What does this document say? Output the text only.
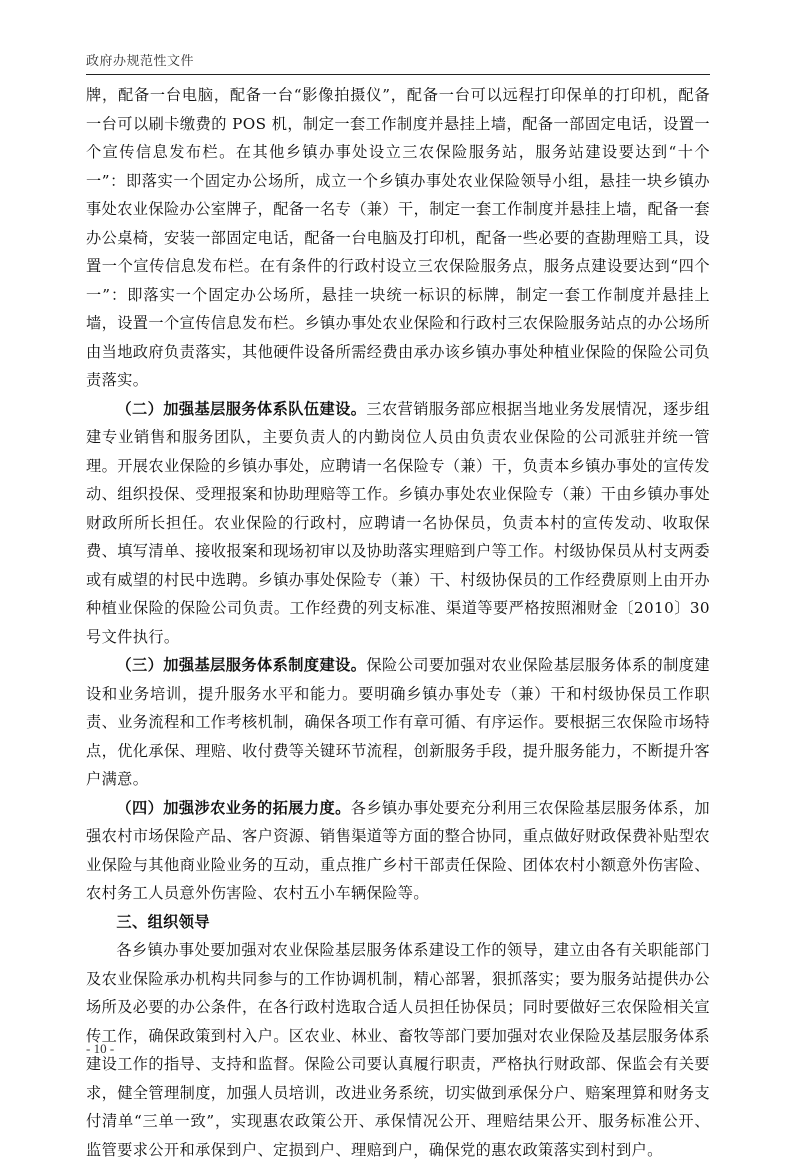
政府办规范性文件

牌，配备一台电脑，配备一台“影像拍摄仪”，配备一台可以远程打印保单的打印机，配备一台可以刷卡缴费的 POS 机，制定一套工作制度并悬挂上墙，配备一部固定电话，设置一个宣传信息发布栏。在其他乡镇办事处设立三农保险服务站，服务站建设要达到“十个一”：即落实一个固定办公场所，成立一个乡镇办事处农业保险领导小组，悬挂一块乡镇办事处农业保险办公室牌子，配备一名专（兼）干，制定一套工作制度并悬挂上墙，配备一套办公桌椅，安装一部固定电话，配备一台电脑及打印机，配备一些必要的查勘理赔工具，设置一个宣传信息发布栏。在有条件的行政村设立三农保险服务点，服务点建设要达到“四个一”：即落实一个固定办公场所，悬挂一块统一标识的标牌，制定一套工作制度并悬挂上墙，设置一个宣传信息发布栏。乡镇办事处农业保险和行政村三农保险服务站点的办公场所由当地政府负责落实，其他硬件设备所需经费由承办该乡镇办事处种植业保险的保险公司负责落实。

（二）加强基层服务体系队伍建设。三农营销服务部应根据当地业务发展情况，逐步组建专业销售和服务团队，主要负责人的内勤岗位人员由负责农业保险的公司派驻并统一管理。开展农业保险的乡镇办事处，应聘请一名保险专（兼）干，负责本乡镇办事处的宣传发动、组织投保、受理报案和协助理赔等工作。乡镇办事处农业保险专（兼）干由乡镇办事处财政所所长担任。农业保险的行政村，应聘请一名协保员，负责本村的宣传发动、收取保费、填写清单、接收报案和现场初审以及协助落实理赔到户等工作。村级协保员从村支两委或有威望的村民中选聘。乡镇办事处保险专（兼）干、村级协保员的工作经费原则上由开办种植业保险的保险公司负责。工作经费的列支标准、渠道等要严格按照湘财金〔2010〕30 号文件执行。

（三）加强基层服务体系制度建设。保险公司要加强对农业保险基层服务体系的制度建设和业务培训，提升服务水平和能力。要明确乡镇办事处专（兼）干和村级协保员工作职责、业务流程和工作考核机制，确保各项工作有章可循、有序运作。要根据三农保险市场特点，优化承保、理赔、收付费等关键环节流程，创新服务手段，提升服务能力，不断提升客户满意。

（四）加强涉农业务的拓展力度。各乡镇办事处要充分利用三农保险基层服务体系，加强农村市场保险产品、客户资源、销售渠道等方面的整合协同，重点做好财政保费补贴型农业保险与其他商业险业务的互动，重点推广乡村干部责任保险、团体农村小额意外伤害险、农村务工人员意外伤害险、农村五小车辆保险等。

三、组织领导

各乡镇办事处要加强对农业保险基层服务体系建设工作的领导，建立由各有关职能部门及农业保险承办机构共同参与的工作协调机制，精心部署，狠抓落实；要为服务站提供办公场所及必要的办公条件，在各行政村选取合适人员担任协保员；同时要做好三农保险相关宣传工作，确保政策到村入户。区农业、林业、畜牧等部门要加强对农业保险及基层服务体系建设工作的指导、支持和监督。保险公司要认真履行职责，严格执行财政部、保监会有关要求，健全管理制度，加强人员培训，改进业务系统，切实做到承保分户、赔案理算和财务支付清单“三单一致”，实现惠农政策公开、承保情况公开、理赔结果公开、服务标准公开、监管要求公开和承保到户、定损到户、理赔到户，确保党的惠农政策落实到村到户。

- 10 -
